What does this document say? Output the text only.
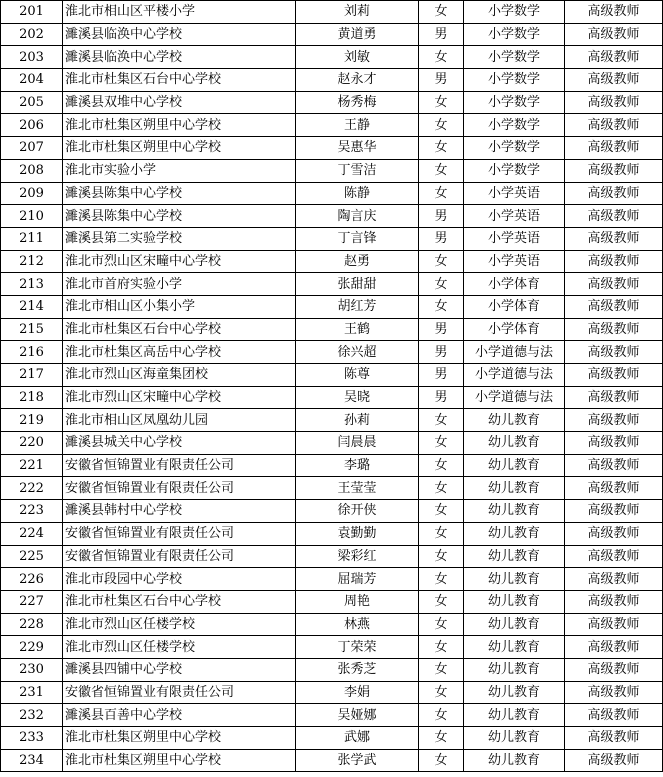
201	淮北市相山区平楼小学	刘莉	女	小学数学	高级教师
202	濉溪县临涣中心学校	黄道勇	男	小学数学	高级教师
203	濉溪县临涣中心学校	刘敏	女	小学数学	高级教师
204	淮北市杜集区石台中心学校	赵永才	男	小学数学	高级教师
205	濉溪县双堆中心学校	杨秀梅	女	小学数学	高级教师
206	淮北市杜集区朔里中心学校	王静	女	小学数学	高级教师
207	淮北市杜集区朔里中心学校	吴惠华	女	小学数学	高级教师
208	淮北市实验小学	丁雪洁	女	小学数学	高级教师
209	濉溪县陈集中心学校	陈静	女	小学英语	高级教师
210	濉溪县陈集中心学校	陶言庆	男	小学英语	高级教师
211	濉溪县第二实验学校	丁言锋	男	小学英语	高级教师
212	淮北市烈山区宋疃中心学校	赵勇	女	小学英语	高级教师
213	淮北市首府实验小学	张甜甜	女	小学体育	高级教师
214	淮北市相山区小集小学	胡红芳	女	小学体育	高级教师
215	淮北市杜集区石台中心学校	王鹤	男	小学体育	高级教师
216	淮北市杜集区高岳中心学校	徐兴超	男	小学道德与法	高级教师
217	淮北市烈山区海童集团校	陈尊	男	小学道德与法	高级教师
218	淮北市烈山区宋疃中心学校	吴晓	男	小学道德与法	高级教师
219	淮北市相山区凤凰幼儿园	孙莉	女	幼儿教育	高级教师
220	濉溪县城关中心学校	闫晨晨	女	幼儿教育	高级教师
221	安徽省恒锦置业有限责任公司	李璐	女	幼儿教育	高级教师
222	安徽省恒锦置业有限责任公司	王莹莹	女	幼儿教育	高级教师
223	濉溪县韩村中心学校	徐开侠	女	幼儿教育	高级教师
224	安徽省恒锦置业有限责任公司	袁勤勤	女	幼儿教育	高级教师
225	安徽省恒锦置业有限责任公司	梁彩红	女	幼儿教育	高级教师
226	淮北市段园中心学校	屈瑞芳	女	幼儿教育	高级教师
227	淮北市杜集区石台中心学校	周艳	女	幼儿教育	高级教师
228	淮北市烈山区任楼学校	林燕	女	幼儿教育	高级教师
229	淮北市烈山区任楼学校	丁荣荣	女	幼儿教育	高级教师
230	濉溪县四铺中心学校	张秀芝	女	幼儿教育	高级教师
231	安徽省恒锦置业有限责任公司	李娟	女	幼儿教育	高级教师
232	濉溪县百善中心学校	吴娅娜	女	幼儿教育	高级教师
233	淮北市杜集区朔里中心学校	武娜	女	幼儿教育	高级教师
234	淮北市杜集区朔里中心学校	张学武	女	幼儿教育	高级教师
